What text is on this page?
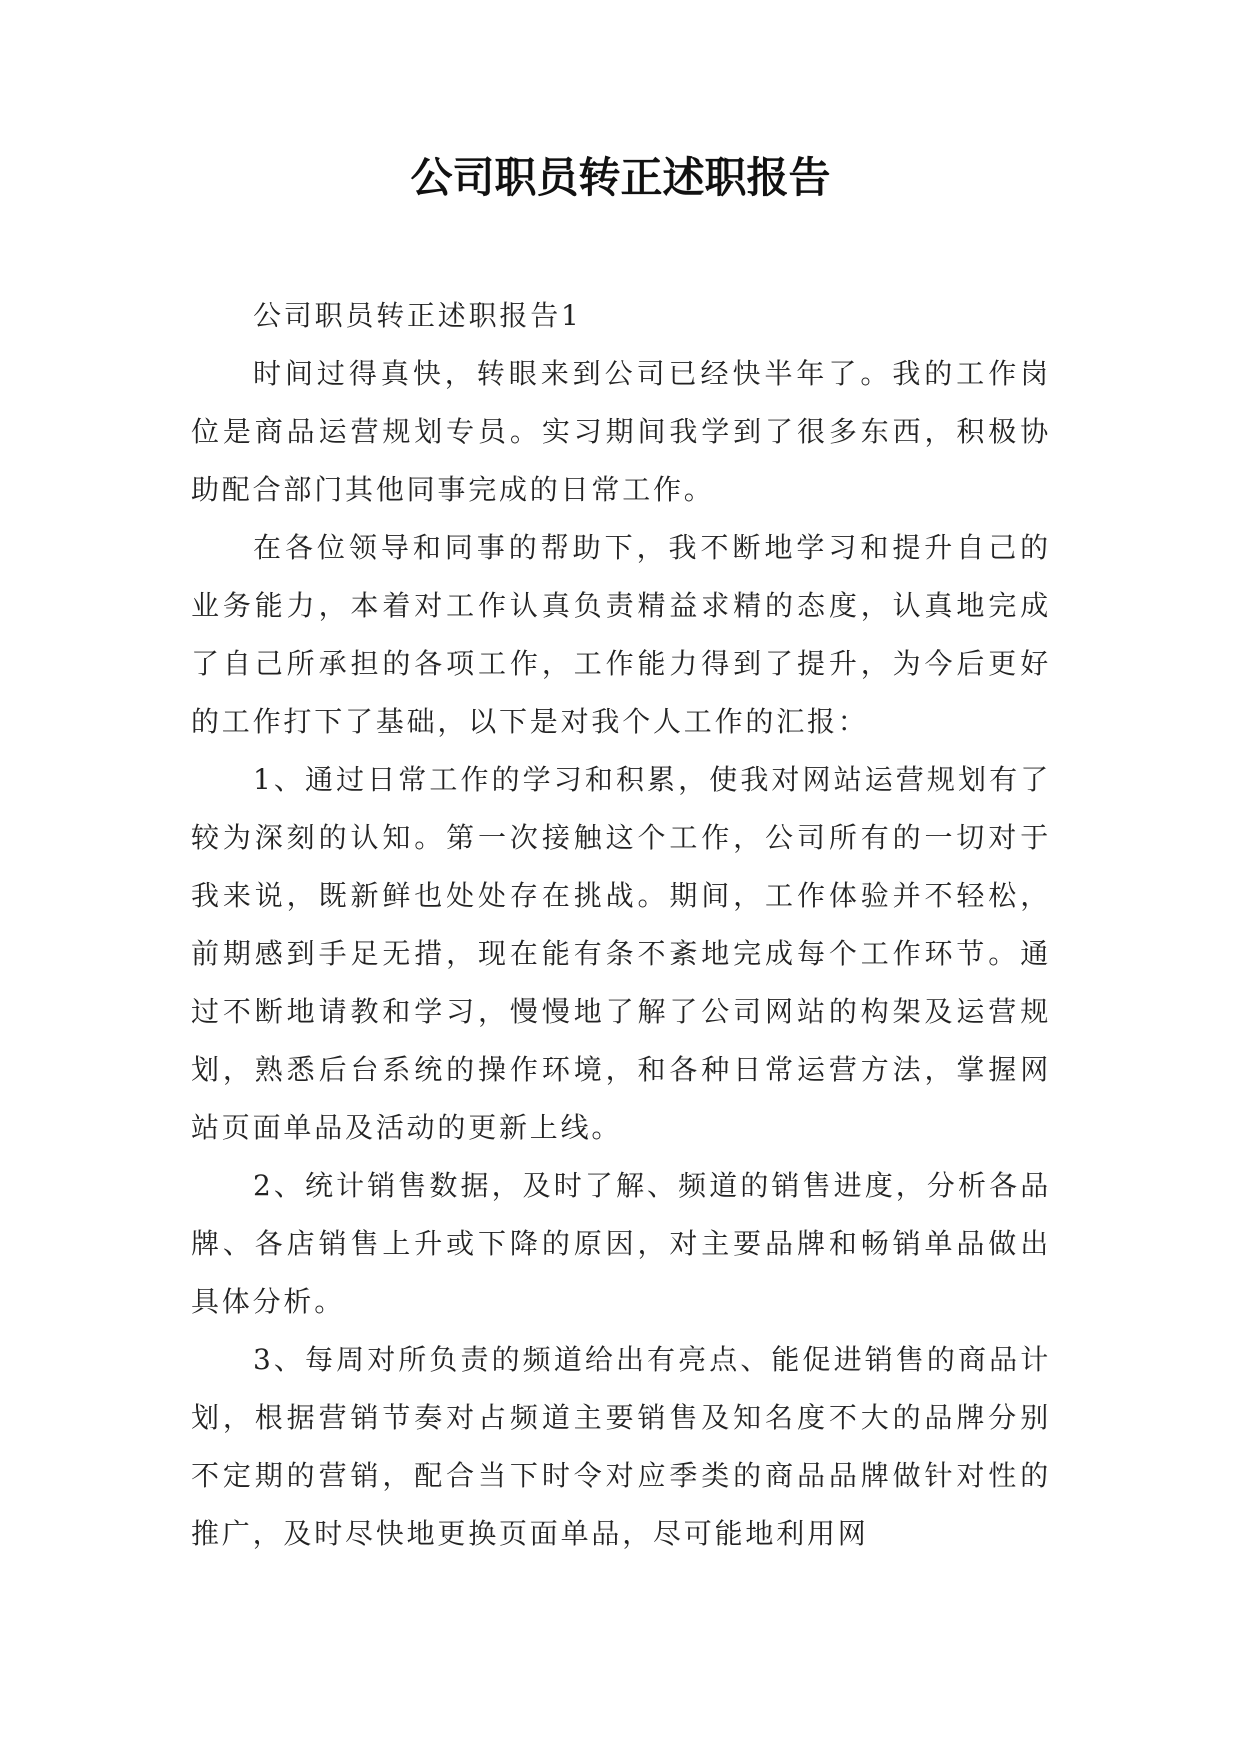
公司职员转正述职报告

公司职员转正述职报告1

时间过得真快，转眼来到公司已经快半年了。我的工作岗位是商品运营规划专员。实习期间我学到了很多东西，积极协助配合部门其他同事完成的日常工作。

在各位领导和同事的帮助下，我不断地学习和提升自己的业务能力，本着对工作认真负责精益求精的态度，认真地完成了自己所承担的各项工作，工作能力得到了提升，为今后更好的工作打下了基础，以下是对我个人工作的汇报：

1、通过日常工作的学习和积累，使我对网站运营规划有了较为深刻的认知。第一次接触这个工作，公司所有的一切对于我来说，既新鲜也处处存在挑战。期间，工作体验并不轻松，前期感到手足无措，现在能有条不紊地完成每个工作环节。通过不断地请教和学习，慢慢地了解了公司网站的构架及运营规划，熟悉后台系统的操作环境，和各种日常运营方法，掌握网站页面单品及活动的更新上线。

2、统计销售数据，及时了解、频道的销售进度，分析各品牌、各店销售上升或下降的原因，对主要品牌和畅销单品做出具体分析。

3、每周对所负责的频道给出有亮点、能促进销售的商品计划，根据营销节奏对占频道主要销售及知名度不大的品牌分别不定期的营销，配合当下时令对应季类的商品品牌做针对性的推广，及时尽快地更换页面单品，尽可能地利用网
